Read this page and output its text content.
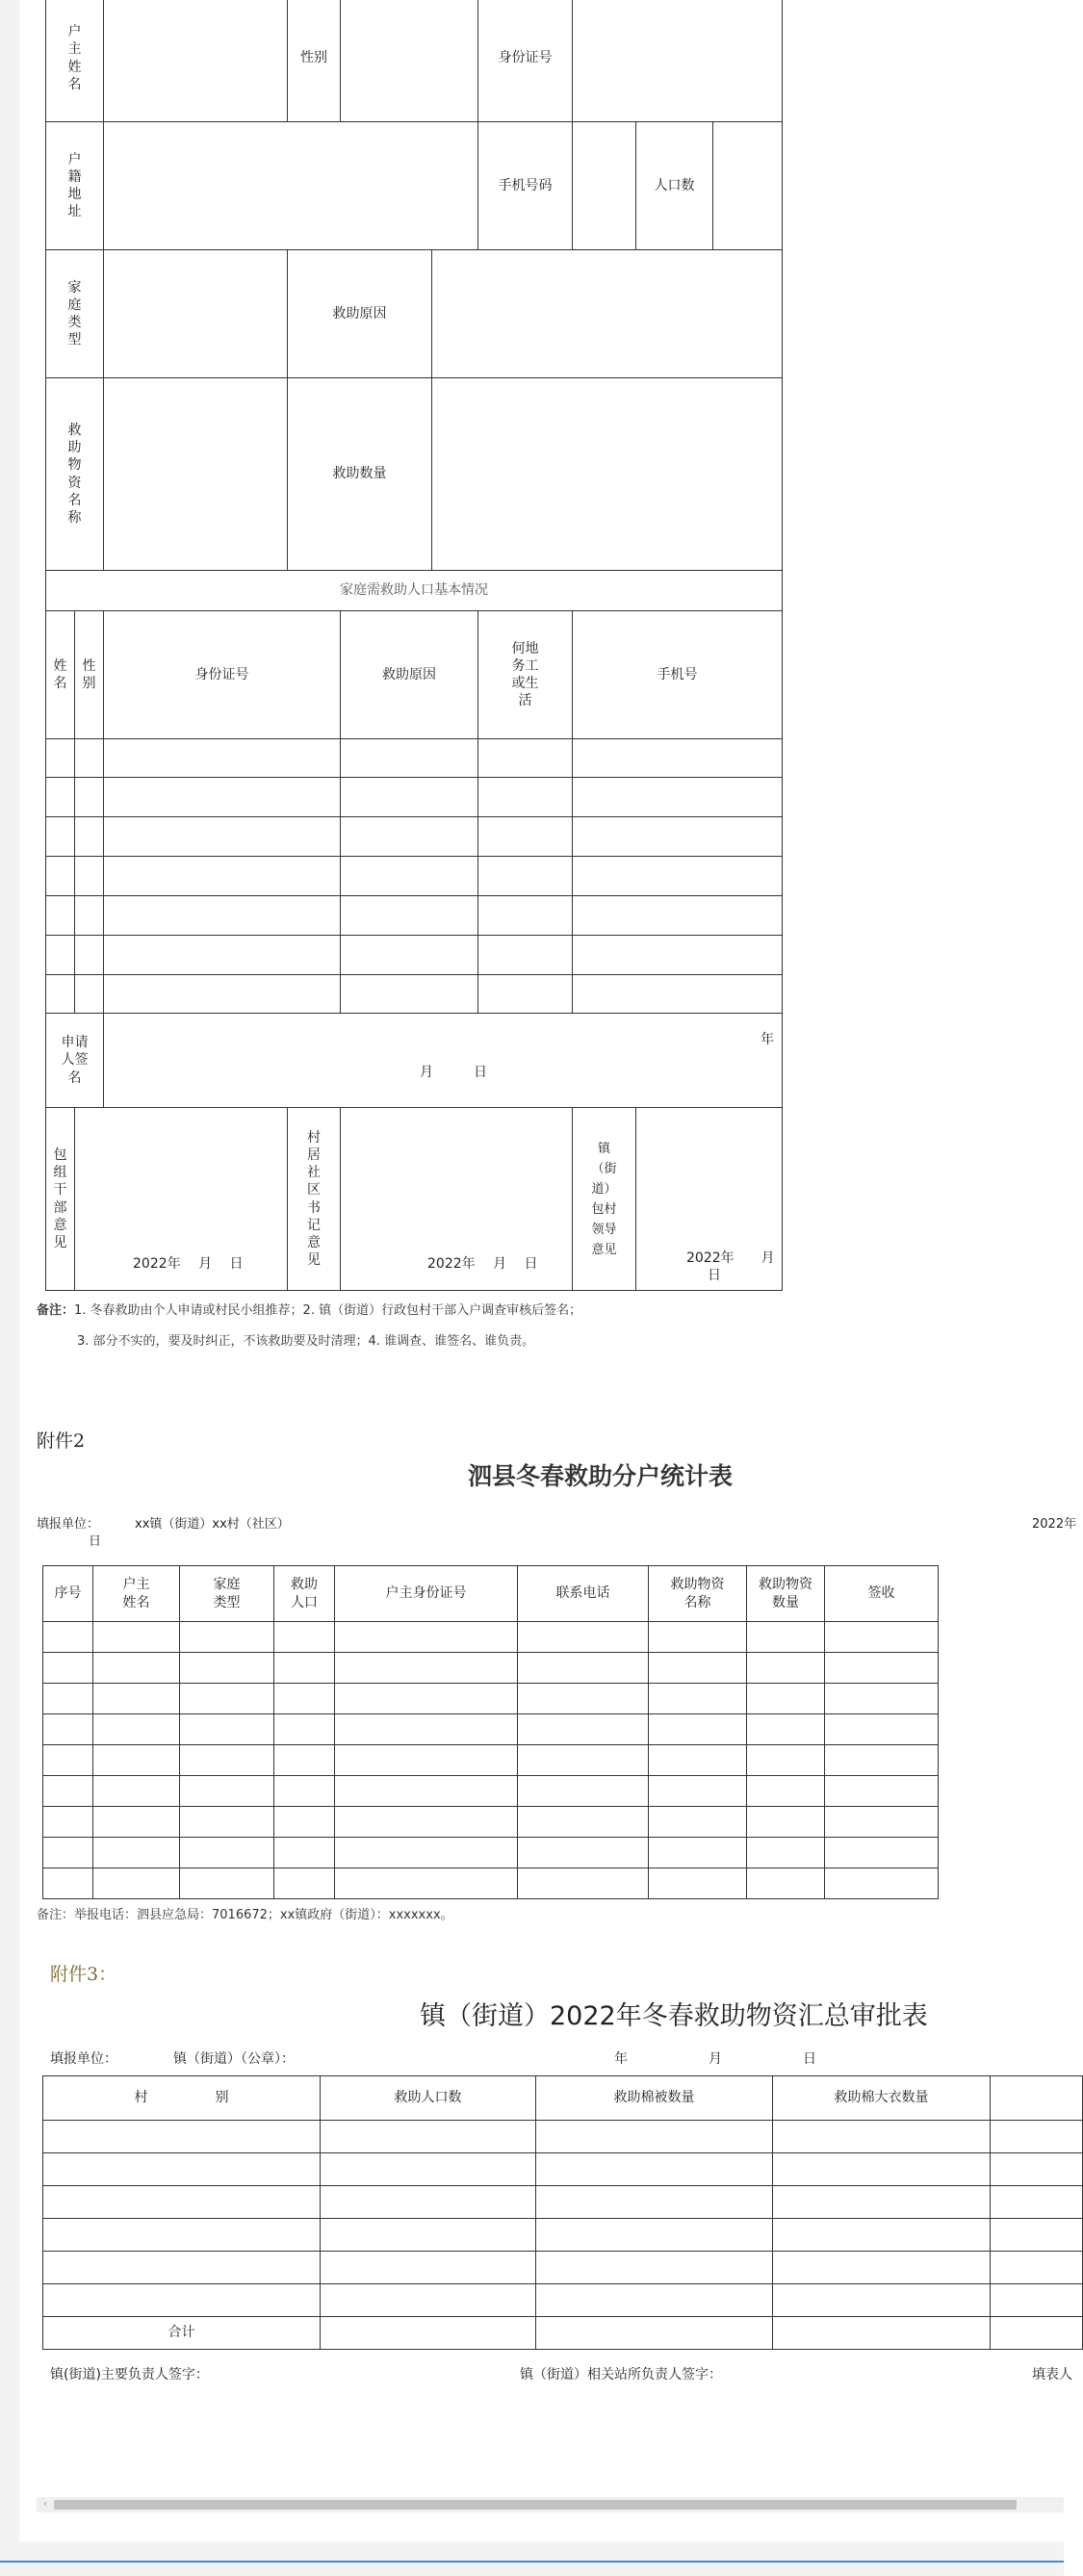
户主姓名			性别			身份证号			

户籍地址						手机号码		人口数	

家庭类型			救助原因						

救助物资名称			救助数量						
家庭需救助人口基本情况									

姓名	性别	身份证号		救助原因		何地务工或生活	手机号		

申请人签名		年
月　　　日							

包组干部意见	2022年　 月　 日		村居社区书记意见	2022年　 月　 日			镇（街道）包村领导意见	2022年　　月
日	
备注：1. 冬春救助由个人申请或村民小组推荐；2. 镇（街道）行政包村干部入户调查审核后签名；
3. 部分不实的，要及时纠正，不该救助要及时清理；4. 谁调查、谁签名、谁负责。
附件2
泗县冬春救助分户统计表
填报单位：	xx镇（街道）xx村（社区）	2022年
日
序号	户主姓名	家庭类型	救助人口	户主身份证号	联系电话	救助物资名称	救助物资数量	签收

备注：举报电话：泗县应急局：7016672；xx镇政府（街道）：xxxxxxx。
附件3：
镇（街道）2022年冬春救助物资汇总审批表
填报单位：	镇（街道）（公章）：	年	月	日
村　　　　　别	救助人口数	救助棉被数量	救助棉大衣数量	

合计				
镇(街道)主要负责人签字：	镇（街道）相关站所负责人签字：	填表人
‹
